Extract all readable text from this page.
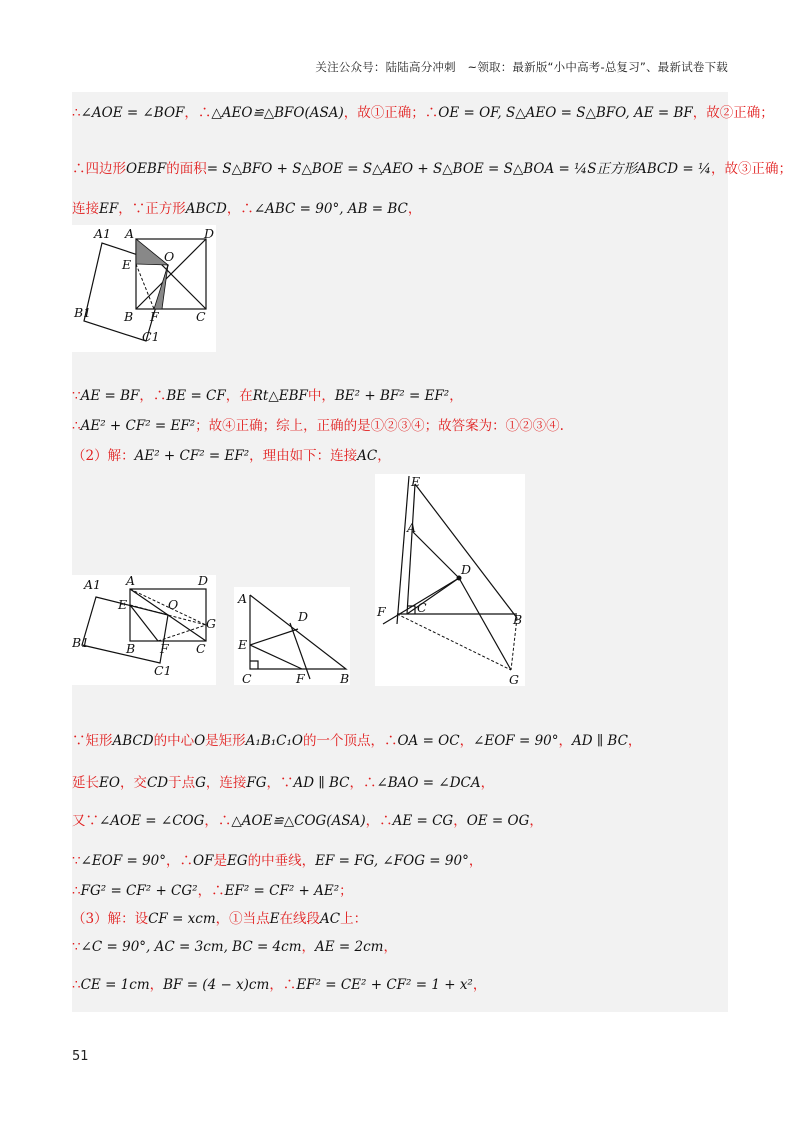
关注公众号：陆陆高分冲刺　~领取：最新版“小中高考-总复习”、最新试卷下载
∴∠AOE = ∠BOF，∴△AEO≌△BFO(ASA)，故①正确；∴OE = OF, S△AEO = S△BFO, AE = BF，故②正确；
∴四边形OEBF的面积= S△BFO + S△BOE = S△AEO + S△BOE = S△BOA = ¼S正方形ABCD = ¼，故③正确；
连接EF，∵正方形ABCD，∴∠ABC = 90°, AB = BC，
A1 A	D
E
O
B1	B F	C
C1
∵AE = BF，∴BE = CF，在Rt△EBF中，BE² + BF² = EF²，
∴AE² + CF² = EF²；故④正确；综上，正确的是①②③④；故答案为：①②③④.
（2）解：AE² + CF² = EF²，理由如下：连接AC，
A1 A	D
E	O
G
B1	B F C
C1
A
D
E
C	F	B
E
A
D
F	C
B
G
∵矩形ABCD的中心O是矩形A₁B₁C₁O的一个顶点，∴OA = OC，∠EOF = 90°，AD ∥ BC，
延长EO，交CD于点G，连接FG，∵AD ∥ BC，∴∠BAO = ∠DCA，
又∵∠AOE = ∠COG，∴△AOE≌△COG(ASA)，∴AE = CG，OE = OG，
∵∠EOF = 90°，∴OF是EG的中垂线，EF = FG, ∠FOG = 90°，
∴FG² = CF² + CG²，∴EF² = CF² + AE²；
（3）解：设CF = xcm，①当点E在线段AC上：
∵∠C = 90°, AC = 3cm, BC = 4cm，AE = 2cm，
∴CE = 1cm，BF = (4 − x)cm，∴EF² = CE² + CF² = 1 + x²，
51
